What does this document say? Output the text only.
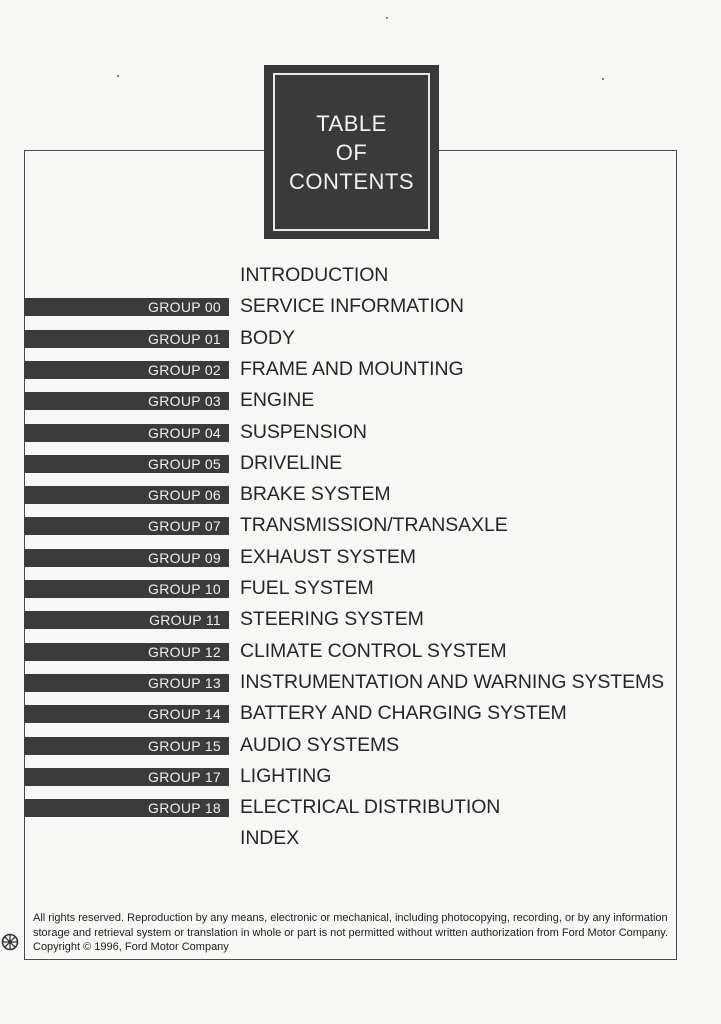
TABLE
OF
CONTENTS
INTRODUCTION
GROUP 00 SERVICE INFORMATION
GROUP 01 BODY
GROUP 02 FRAME AND MOUNTING
GROUP 03 ENGINE
GROUP 04 SUSPENSION
GROUP 05 DRIVELINE
GROUP 06 BRAKE SYSTEM
GROUP 07 TRANSMISSION/TRANSAXLE
GROUP 09 EXHAUST SYSTEM
GROUP 10 FUEL SYSTEM
GROUP 11 STEERING SYSTEM
GROUP 12 CLIMATE CONTROL SYSTEM
GROUP 13 INSTRUMENTATION AND WARNING SYSTEMS
GROUP 14 BATTERY AND CHARGING SYSTEM
GROUP 15 AUDIO SYSTEMS
GROUP 17 LIGHTING
GROUP 18 ELECTRICAL DISTRIBUTION
INDEX
All rights reserved. Reproduction by any means, electronic or mechanical, including photocopying, recording, or by any information storage and retrieval system or translation in whole or part is not permitted without written authorization from Ford Motor Company. Copyright © 1996, Ford Motor Company
